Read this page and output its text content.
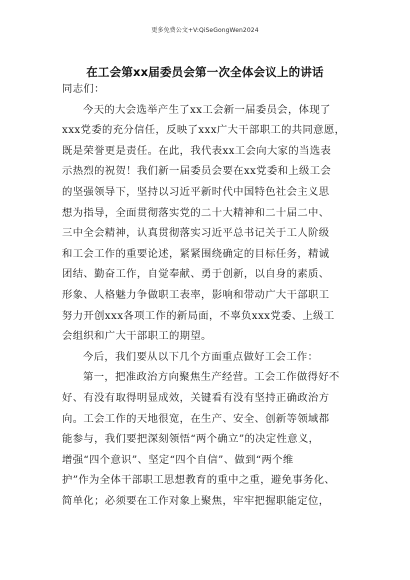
更多免费公文+V:QiSeGongWen2024
在工会第xx届委员会第一次全体会议上的讲话
同志们：
今天的大会选举产生了xx工会新一届委员会，体现了
xxx党委的充分信任，反映了xxx广大干部职工的共同意愿，
既是荣誉更是责任。在此，我代表xx工会向大家的当选表
示热烈的祝贺！我们新一届委员会要在xx党委和上级工会
的坚强领导下，坚持以习近平新时代中国特色社会主义思
想为指导，全面贯彻落实党的二十大精神和二十届二中、
三中全会精神，认真贯彻落实习近平总书记关于工人阶级
和工会工作的重要论述，紧紧围绕确定的目标任务，精诚
团结、勤奋工作，自觉奉献、勇于创新，以自身的素质、
形象、人格魅力争做职工表率，影响和带动广大干部职工
努力开创xxx各项工作的新局面，不辜负xxx党委、上级工
会组织和广大干部职工的期望。
今后，我们要从以下几个方面重点做好工会工作：
第一，把准政治方向聚焦生产经营。工会工作做得好不
好、有没有取得明显成效，关键看有没有坚持正确政治方
向。工会工作的天地很宽，在生产、安全、创新等领域都
能参与，我们要把深刻领悟“两个确立”的决定性意义，
增强“四个意识”、坚定“四个自信”、做到“两个维
护”作为全体干部职工思想教育的重中之重，避免事务化、
简单化；必须要在工作对象上聚焦，牢牢把握职能定位，
